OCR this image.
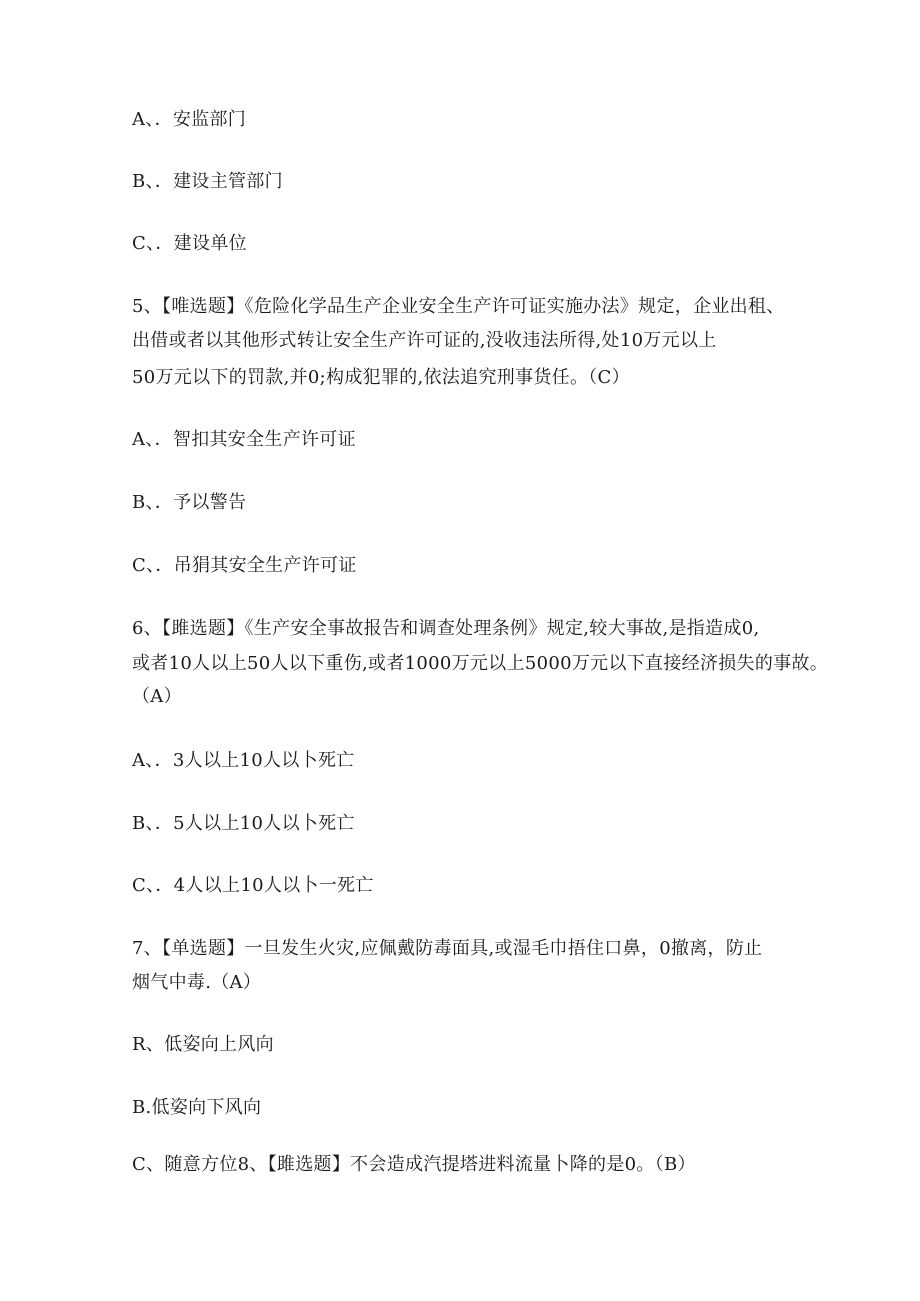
A、．安监部门
B、．建设主管部门
C、．建设单位
5、【唯选题】《危险化学品生产企业安全生产许可证实施办法》规定，企业出租、
出借或者以其他形式转让安全生产许可证的,没收违法所得,处10万元以上
50万元以下的罚款,并0;构成犯罪的,依法追究刑事货任。（C）
A、．智扣其安全生产许可证
B、．予以警告
C、．吊狷其安全生产许可证
6、【雎选题】《生产安全事故报告和调查处理条例》规定,较大事故,是指造成0,
或者10人以上50人以下重伤,或者1000万元以上5000万元以下直接经济损失的事故。
（A）
A、．3人以上10人以卜死亡
B、．5人以上10人以卜死亡
C、．4人以上10人以卜一死亡
7、【单选题】一旦发生火灾,应佩戴防毒面具,或湿毛巾捂住口鼻，0撤离，防止
烟气中毒.（A）
R、低姿向上风向
B.低姿向下风向
C、随意方位8、【雎选题】不会造成汽提塔进料流量卜降的是0。（B）
